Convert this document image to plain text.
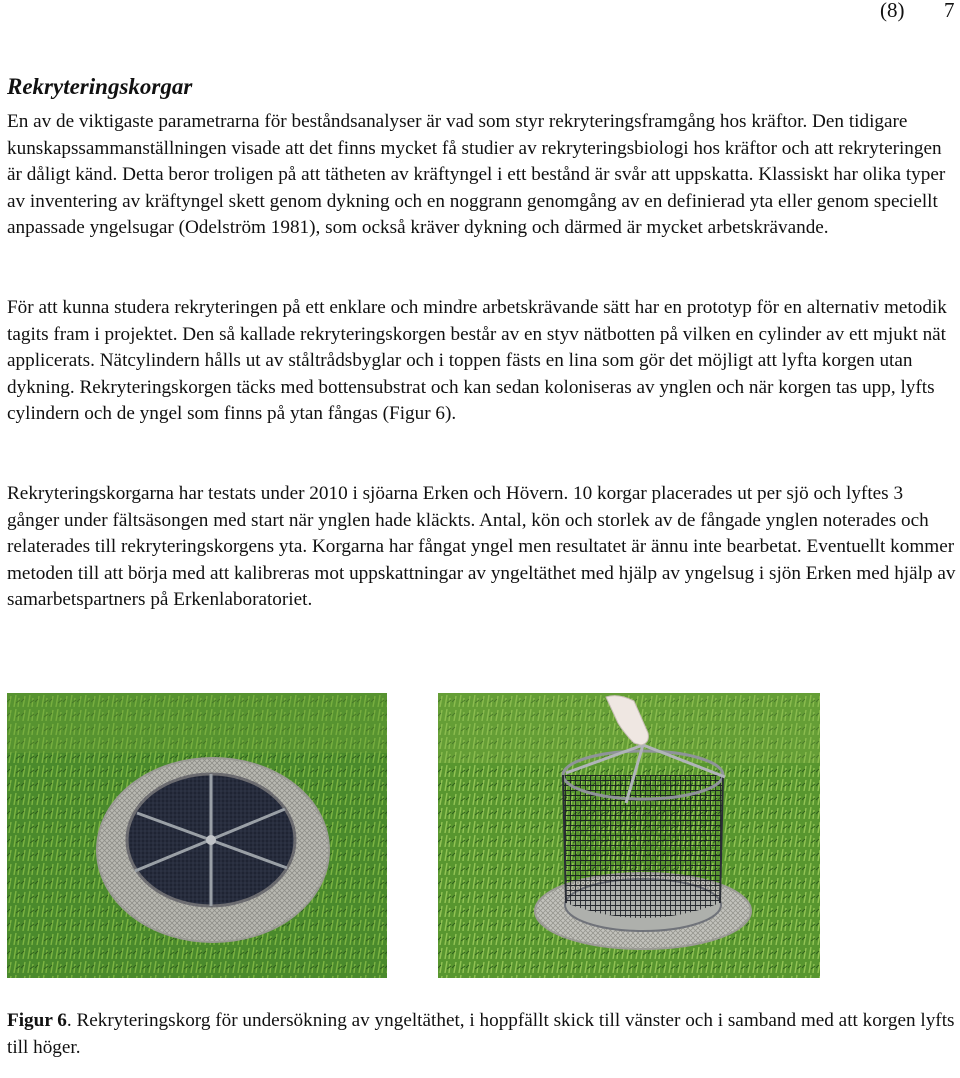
(8) 7
Rekryteringskorgar

En av de viktigaste parametrarna för beståndsanalyser är vad som styr rekryteringsframgång hos kräftor. Den tidigare kunskapssammanställningen visade att det finns mycket få studier av rekryteringsbiologi hos kräftor och att rekryteringen är dåligt känd. Detta beror troligen på att tätheten av kräftyngel i ett bestånd är svår att uppskatta. Klassiskt har olika typer av inventering av kräftyngel skett genom dykning och en noggrann genomgång av en definierad yta eller genom speciellt anpassade yngelsugar (Odelström 1981), som också kräver dykning och därmed är mycket arbetskrävande.

För att kunna studera rekryteringen på ett enklare och mindre arbetskrävande sätt har en prototyp för en alternativ metodik tagits fram i projektet. Den så kallade rekryteringskorgen består av en styv nätbotten på vilken en cylinder av ett mjukt nät applicerats. Nätcylindern hålls ut av ståltrådsbyglar och i toppen fästs en lina som gör det möjligt att lyfta korgen utan dykning. Rekryteringskorgen täcks med bottensubstrat och kan sedan koloniseras av ynglen och när korgen tas upp, lyfts cylindern och de yngel som finns på ytan fångas (Figur 6).

Rekryteringskorgarna har testats under 2010 i sjöarna Erken och Hövern. 10 korgar placerades ut per sjö och lyftes 3 gånger under fältsäsongen med start när ynglen hade kläckts. Antal, kön och storlek av de fångade ynglen noterades och relaterades till rekryteringskorgens yta. Korgarna har fångat yngel men resultatet är ännu inte bearbetat. Eventuellt kommer metoden till att börja med att kalibreras mot uppskattningar av yngeltäthet med hjälp av yngelsug i sjön Erken med hjälp av samarbetspartners på Erkenlaboratoriet.

Figur 6. Rekryteringskorg för undersökning av yngeltäthet, i hoppfällt skick till vänster och i samband med att korgen lyfts till höger.
